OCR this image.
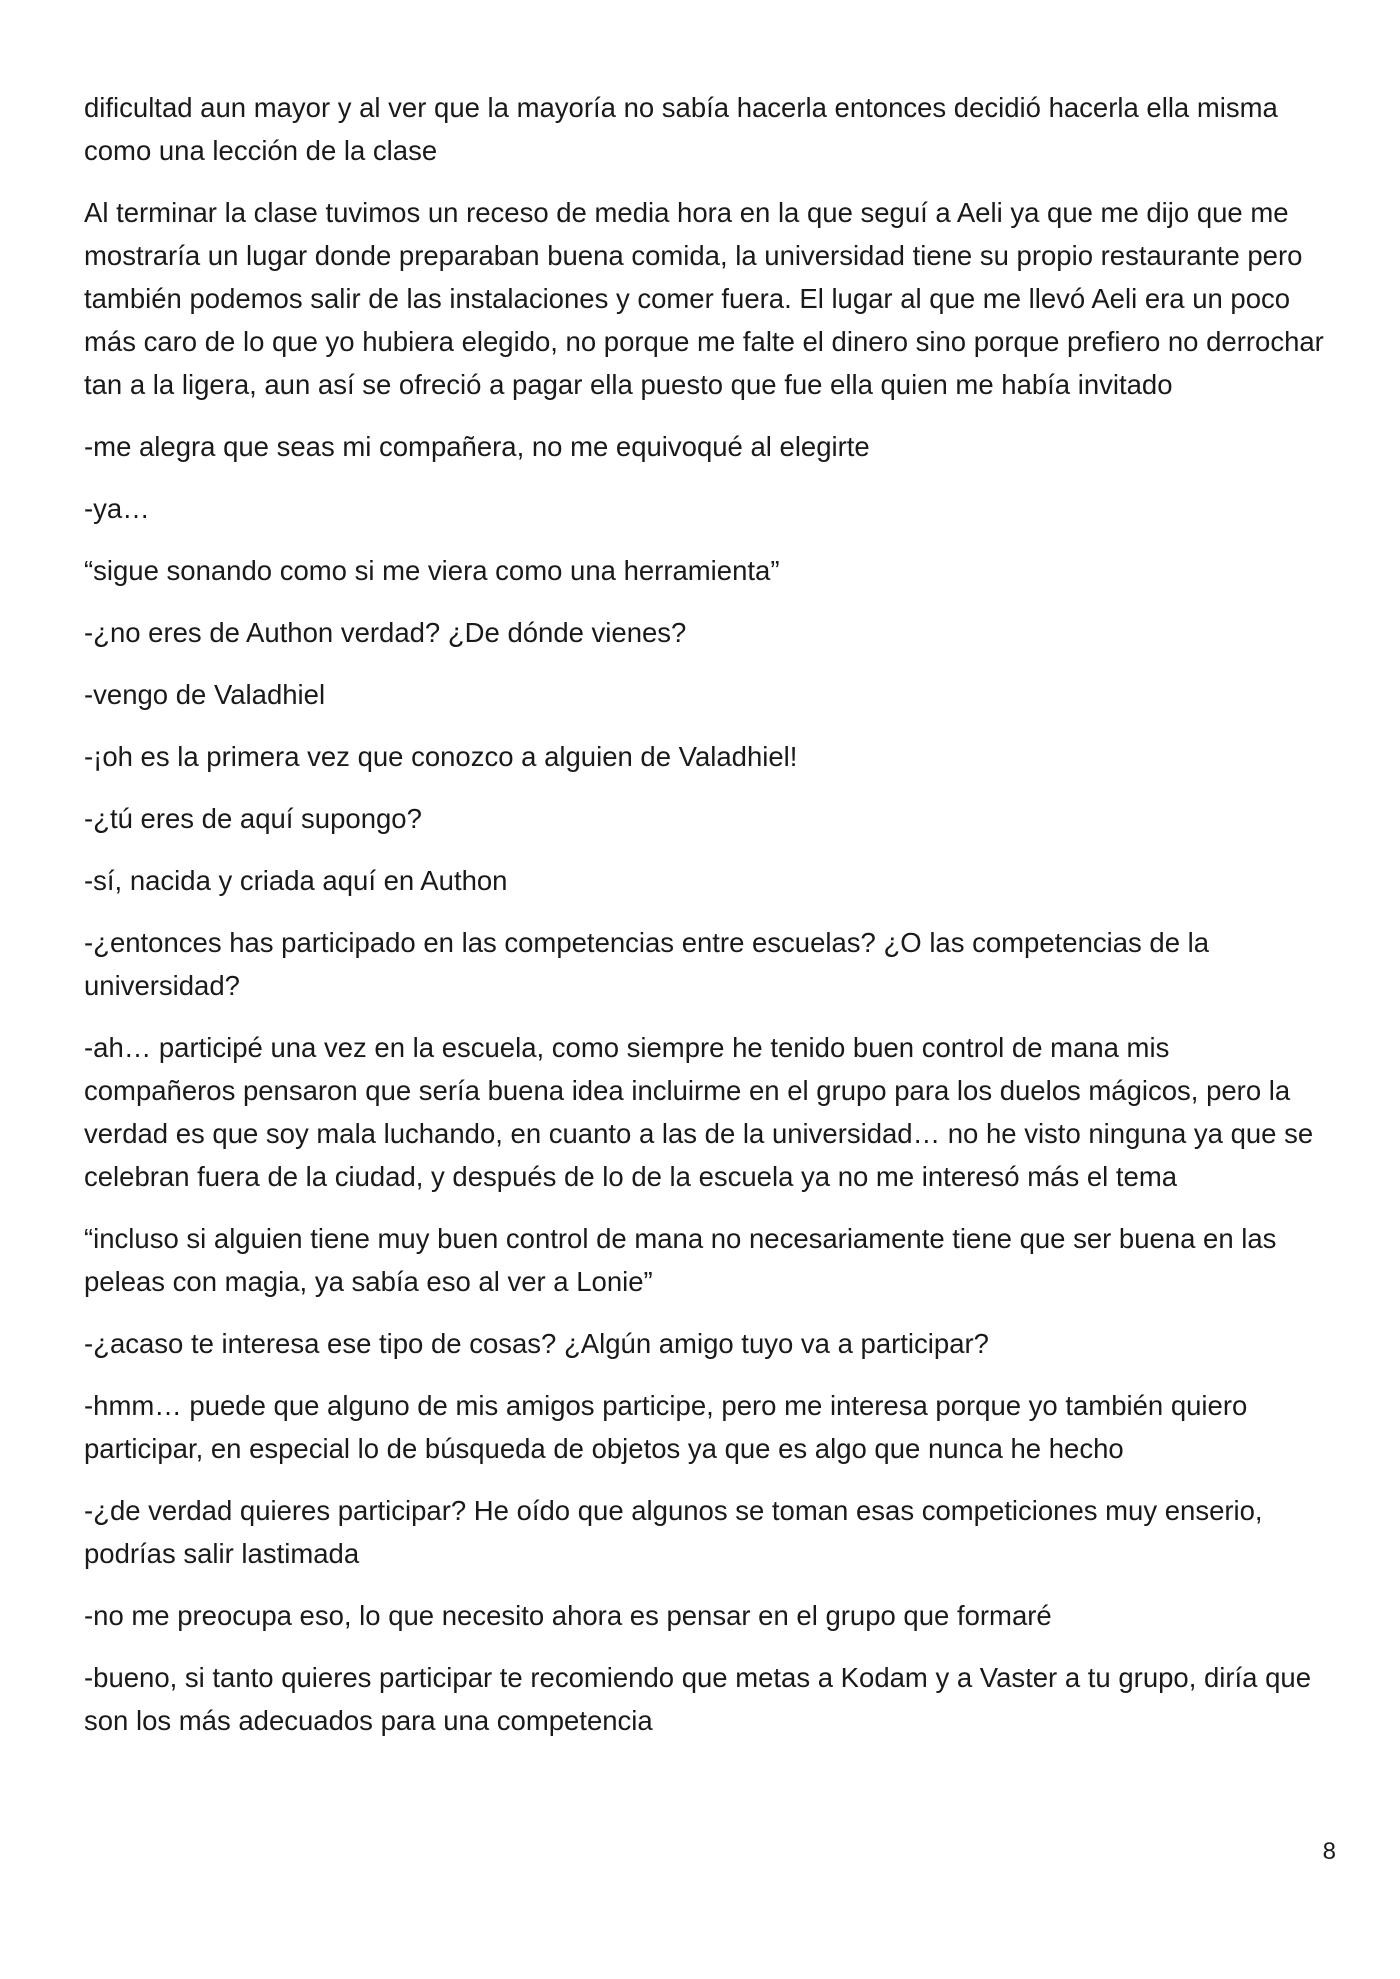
dificultad aun mayor y al ver que la mayoría no sabía hacerla entonces decidió hacerla ella misma como una lección de la clase

Al terminar la clase tuvimos un receso de media hora en la que seguí a Aeli ya que me dijo que me mostraría un lugar donde preparaban buena comida, la universidad tiene su propio restaurante pero también podemos salir de las instalaciones y comer fuera. El lugar al que me llevó Aeli era un poco más caro de lo que yo hubiera elegido, no porque me falte el dinero sino porque prefiero no derrochar tan a la ligera, aun así se ofreció a pagar ella puesto que fue ella quien me había invitado

-me alegra que seas mi compañera, no me equivoqué al elegirte

-ya…

“sigue sonando como si me viera como una herramienta”

-¿no eres de Authon verdad? ¿De dónde vienes?

-vengo de Valadhiel

-¡oh es la primera vez que conozco a alguien de Valadhiel!

-¿tú eres de aquí supongo?

-sí, nacida y criada aquí en Authon

-¿entonces has participado en las competencias entre escuelas? ¿O las competencias de la universidad?

-ah… participé una vez en la escuela, como siempre he tenido buen control de mana mis compañeros pensaron que sería buena idea incluirme en el grupo para los duelos mágicos, pero la verdad es que soy mala luchando, en cuanto a las de la universidad… no he visto ninguna ya que se celebran fuera de la ciudad, y después de lo de la escuela ya no me interesó más el tema

“incluso si alguien tiene muy buen control de mana no necesariamente tiene que ser buena en las peleas con magia, ya sabía eso al ver a Lonie”

-¿acaso te interesa ese tipo de cosas? ¿Algún amigo tuyo va a participar?

-hmm… puede que alguno de mis amigos participe, pero me interesa porque yo también quiero participar, en especial lo de búsqueda de objetos ya que es algo que nunca he hecho

-¿de verdad quieres participar? He oído que algunos se toman esas competiciones muy enserio, podrías salir lastimada

-no me preocupa eso, lo que necesito ahora es pensar en el grupo que formaré

-bueno, si tanto quieres participar te recomiendo que metas a Kodam y a Vaster a tu grupo, diría que son los más adecuados para una competencia

8
